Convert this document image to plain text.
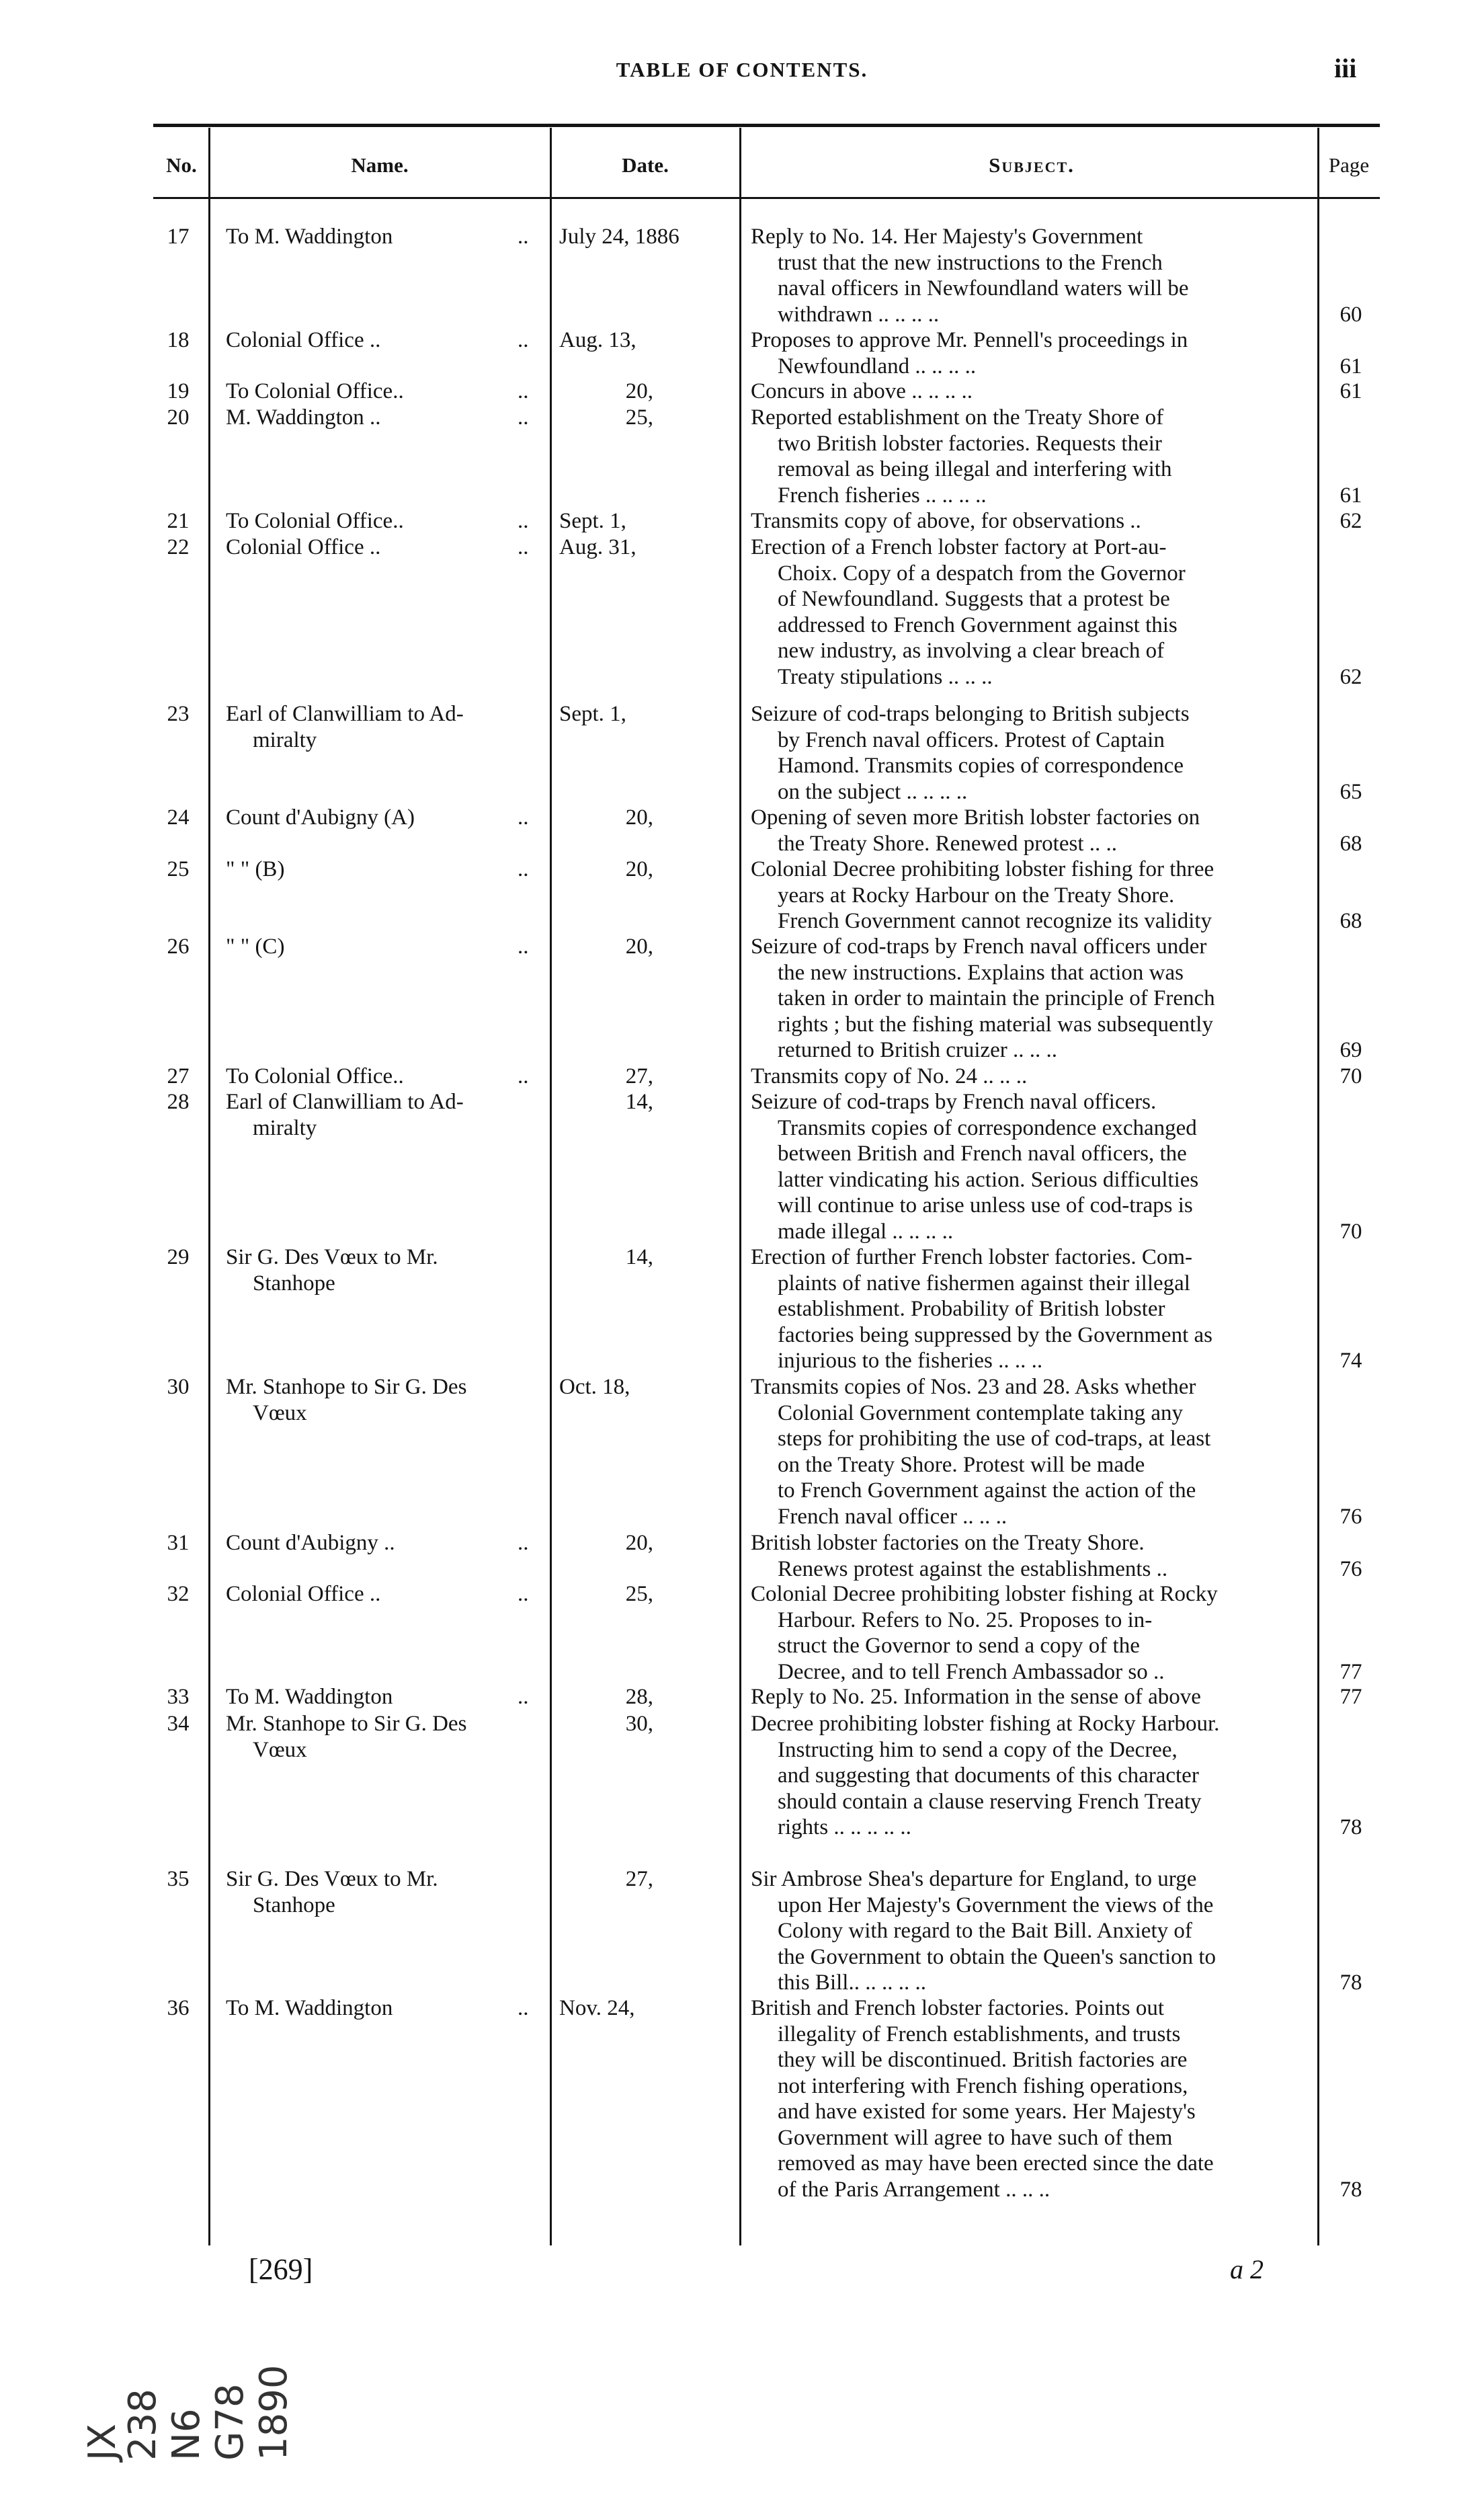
TABLE OF CONTENTS.	iii
No.	Name.	Date.	Subject.	Page
17	To M. Waddington	.. July 24, 1886	Reply to No. 14. Her Majesty's Government
trust that the new instructions to the French
naval officers in Newfoundland waters will be
withdrawn .. .. .. ..	60
18	Colonial Office ..	.. Aug. 13,	Proposes to approve Mr. Pennell's proceedings in
Newfoundland .. .. .. ..	61
19	To Colonial Office..	..	20,	Concurs in above .. .. .. ..	61
20	M. Waddington ..	..	25,	Reported establishment on the Treaty Shore of
two British lobster factories. Requests their
removal as being illegal and interfering with
French fisheries .. .. .. ..	61
21	To Colonial Office..	.. Sept. 1,	Transmits copy of above, for observations ..	62
22	Colonial Office ..	.. Aug. 31,	Erection of a French lobster factory at Port-au-
Choix. Copy of a despatch from the Governor
of Newfoundland. Suggests that a protest be
addressed to French Government against this
new industry, as involving a clear breach of
Treaty stipulations .. .. ..	62
23	Earl of Clanwilliam to Ad-
miralty
Sept. 1,	Seizure of cod-traps belonging to British subjects
by French naval officers. Protest of Captain
Hamond. Transmits copies of correspondence
on the subject .. .. .. ..	65
24	Count d'Aubigny (A)	..	20,	Opening of seven more British lobster factories on
the Treaty Shore. Renewed protest .. ..	68
25	" " (B)	..	20,	Colonial Decree prohibiting lobster fishing for three
years at Rocky Harbour on the Treaty Shore.
French Government cannot recognize its validity	68
26	" " (C)	..	20,	Seizure of cod-traps by French naval officers under
the new instructions. Explains that action was
taken in order to maintain the principle of French
rights ; but the fishing material was subsequently
returned to British cruizer .. .. ..	69
27	To Colonial Office..	..	27,	Transmits copy of No. 24 .. .. ..	70
28	Earl of Clanwilliam to Ad-
miralty
14,	Seizure of cod-traps by French naval officers.
Transmits copies of correspondence exchanged
between British and French naval officers, the
latter vindicating his action. Serious difficulties
will continue to arise unless use of cod-traps is
made illegal .. .. .. ..	70
29	Sir G. Des Vœux to Mr.
Stanhope
14,	Erection of further French lobster factories. Com-
plaints of native fishermen against their illegal
establishment. Probability of British lobster
factories being suppressed by the Government as
injurious to the fisheries .. .. ..	74
30	Mr. Stanhope to Sir G. Des
Vœux
Oct. 18,	Transmits copies of Nos. 23 and 28. Asks whether
Colonial Government contemplate taking any
steps for prohibiting the use of cod-traps, at least
on the Treaty Shore. Protest will be made
to French Government against the action of the
French naval officer .. .. ..	76
31	Count d'Aubigny ..	..	20,	British lobster factories on the Treaty Shore.
Renews protest against the establishments ..	76
32	Colonial Office ..	..	25,	Colonial Decree prohibiting lobster fishing at Rocky
Harbour. Refers to No. 25. Proposes to in-
struct the Governor to send a copy of the
Decree, and to tell French Ambassador so ..	77
33	To M. Waddington	..	28,	Reply to No. 25. Information in the sense of above	77
34	Mr. Stanhope to Sir G. Des
Vœux
30,	Decree prohibiting lobster fishing at Rocky Harbour.
Instructing him to send a copy of the Decree,
and suggesting that documents of this character
should contain a clause reserving French Treaty
rights .. .. .. .. ..	78
35	Sir G. Des Vœux to Mr.
Stanhope
27,	Sir Ambrose Shea's departure for England, to urge
upon Her Majesty's Government the views of the
Colony with regard to the Bait Bill. Anxiety of
the Government to obtain the Queen's sanction to
this Bill.. .. .. .. ..	78
36	To M. Waddington	.. Nov. 24,	British and French lobster factories. Points out
illegality of French establishments, and trusts
they will be discontinued. British factories are
not interfering with French fishing operations,
and have existed for some years. Her Majesty's
Government will agree to have such of them
removed as may have been erected since the date
of the Paris Arrangement .. .. ..	78
[269]	a 2
JX
238 N6 G78 1890
